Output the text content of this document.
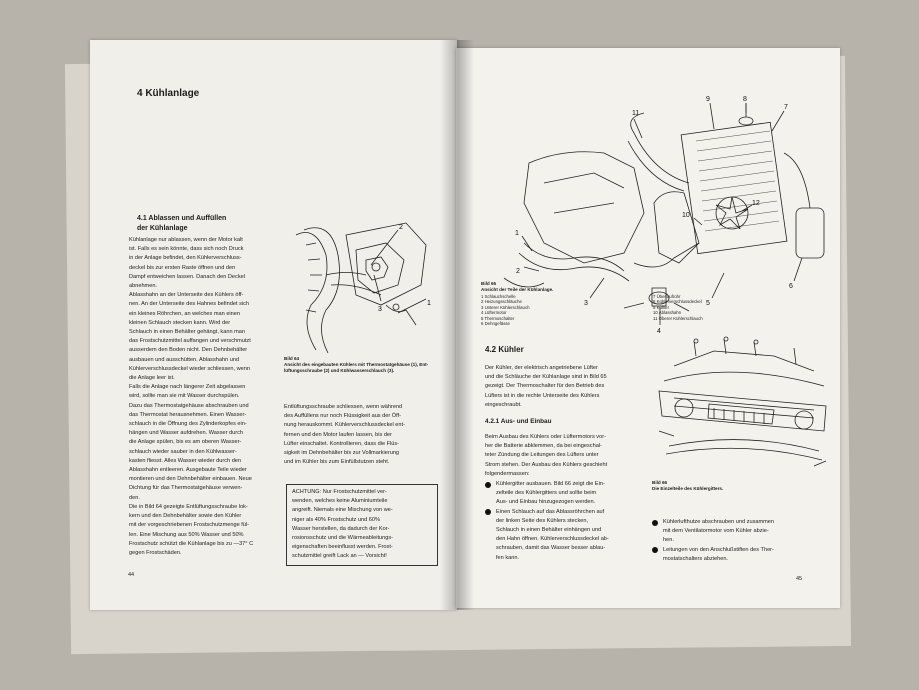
4 Kühlanlage
4.1 Ablassen und Auffüllen
der Kühlanlage
Kühlanlage nur ablassen, wenn der Motor kalt
ist. Falls es sein könnte, dass sich noch Druck
in der Anlage befindet, den Kühlerverschluss-
deckel bis zur ersten Raste öffnen und den
Dampf entweichen lassen. Danach den Deckel
abnehmen.
Ablasshahn an der Unterseite des Kühlers öff-
nen. An der Unterseite des Hahnes befindet sich
ein kleines Röhrchen, an welches man einen
kleinen Schlauch stecken kann. Wird der
Schlauch in einen Behälter gehängt, kann man
das Frostschutzmittel auffangen und verschmutzt
ausserdem den Boden nicht. Den Dehnbehälter
ausbauen und ausschütten. Ablasshahn und
Kühlerverschlussdeckel wieder schliessen, wenn
die Anlage leer ist.
Falls die Anlage nach längerer Zeit abgelassen
wird, sollte man sie mit Wasser durchspülen.
Dazu das Thermostatgehäuse abschrauben und
das Thermostat herausnehmen. Einen Wasser-
schlauch in die Öffnung des Zylinderkopfes ein-
hängen und Wasser aufdrehen. Wasser durch
die Anlage spülen, bis es am oberen Wasser-
schlauch wieder sauber in den Kühlwasser-
kasten fliesst. Alles Wasser wieder durch den
Ablasshahn entleeren. Ausgebaute Teile wieder
montieren und den Dehnbehälter einbauen. Neue
Dichtung für das Thermostatgehäuse verwen-
den.
Die in Bild 64 gezeigte Entlüftungsschraube lok-
kern und den Dehnbehälter sowie den Kühler
mit der vorgeschriebenen Frostschutzmenge fül-
len. Eine Mischung aus 50% Wasser und 50%
Frostschutz schützt die Kühlanlage bis zu —37° C
gegen Frostschäden.
2
1
3
Bild 64
Ansicht des eingebauten Kühlers mit Thermostatgehäuse (1), Ent-
lüftungsschraube (2) und Kühlwasserschlauch (3).
Entlüftungsschraube schliessen, wenn während
des Auffüllens nur noch Flüssigkeit aus der Öff-
nung herauskommt. Kühlerverschlussdeckel ent-
fernen und den Motor laufen lassen, bis der
Lüfter einschaltet. Kontrollieren, dass die Flüs-
sigkeit im Dehnbehälter bis zur Vollmarkierung
und im Kühler bis zum Einfüllstutzen steht.
ACHTUNG: Nur Frostschutzmittel ver-
wenden, welches keine Aluminiumteile
angreift. Niemals eine Mischung von we-
niger als 40% Frostschutz und 60%
Wasser herstellen, da dadurch der Kor-
rosionsschutz und die Wärmeableitungs-
eigenschaften beeinflusst werden. Frost-
schutzmittel greift Lack an — Vorsicht!
44
1
2
3
4
5
6
7
8
9
10
11
12
Bild 65
Ansicht der Teile der Kühlanlage.
1 Schlauchschelle
2 Heizungsschläuche
3 Unterer Kühlerschlauch
4 Lüftermotor
5 Thermoschalter
6 Dehngefässe
7 Überlaufrohr
8 Kühlerverschlussdeckel
9 Kühler
10 Ablasshahn
11 Oberer Kühlerschlauch
4.2 Kühler
Der Kühler, der elektrisch angetriebene Lüfter
und die Schläuche der Kühlanlage sind in Bild 65
gezeigt. Der Thermoschalter für den Betrieb des
Lüfters ist in die rechte Unterseite des Kühlers
eingeschraubt.
4.2.1 Aus- und Einbau
Beim Ausbau des Kühlers oder Lüftermotors vor-
her die Batterie abklemmen, da bei eingeschal-
teter Zündung die Leitungen des Lüfters unter
Strom stehen. Der Ausbau des Kühlers geschieht
folgendermassen:
Kühlergitter ausbauen. Bild 66 zeigt die Ein-
zelteile des Kühlergitters und sollte beim
Aus- und Einbau hinzugezogen werden.
Einen Schlauch auf das Ablassröhrchen auf
der linken Seite des Kühlers stecken,
Schlauch in einen Behälter einhängen und
den Hahn öffnen. Kühlerverschlussdeckel ab-
schrauben, damit das Wasser besser ablau-
fen kann.
Bild 66
Die Einzelteile des Kühlergitters.
Kühlerlufthutze abschrauben und zusammen
mit dem Ventilatormotor vom Kühler abzie-
hen.
Leitungen von den Anschlußstiften des Ther-
mostatschalters abziehen.
45
